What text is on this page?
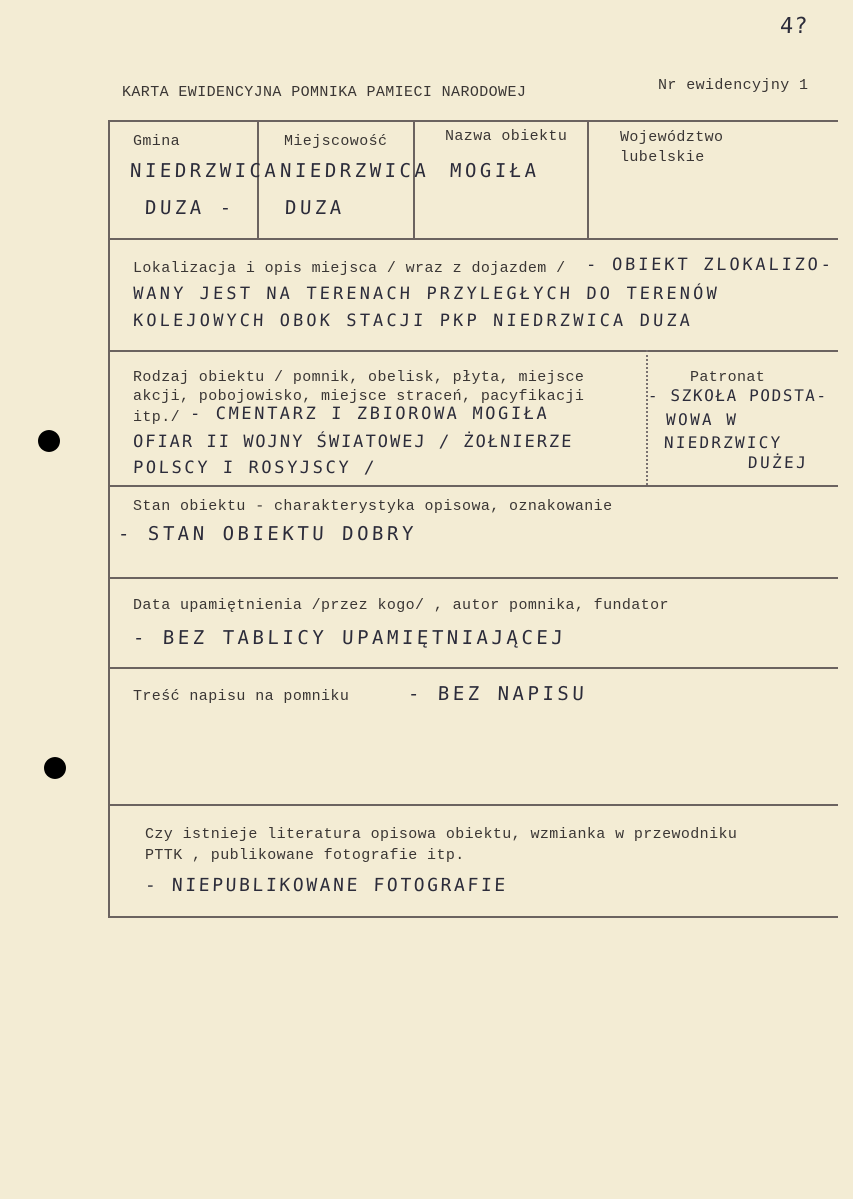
4?
KARTA EWIDENCYJNA POMNIKA PAMIECI NARODOWEJ	Nr ewidencyjny 1
Gmina
NIEDRZWICA
DUZA -
Miejscowość
NIEDRZWICA
DUZA
Nazwa obiektu
MOGIŁA
Województwo
lubelskie
Lokalizacja i opis miejsca / wraz z dojazdem / - OBIEKT ZLOKALIZO-
WANY JEST NA TERENACH PRZYLEGŁYCH DO TERENÓW
KOLEJOWYCH OBOK STACJI PKP NIEDRZWICA DUZA
Rodzaj obiektu / pomnik, obelisk, płyta, miejsce
akcji, pobojowisko, miejsce straceń, pacyfikacji
itp./ - CMENTARZ I ZBIOROWA MOGIŁA
OFIAR II WOJNY ŚWIATOWEJ / ŻOŁNIERZE
POLSCY I ROSYJSCY /
Patronat
- SZKOŁA PODSTA-
WOWA W
NIEDRZWICY
DUŻEJ
Stan obiektu - charakterystyka opisowa, oznakowanie
- STAN OBIEKTU DOBRY
Data upamiętnienia /przez kogo/ , autor pomnika, fundator
- BEZ TABLICY UPAMIĘTNIAJĄCEJ
Treść napisu na pomniku	- BEZ NAPISU
Czy istnieje literatura opisowa obiektu, wzmianka w przewodniku
PTTK , publikowane fotografie itp.
- NIEPUBLIKOWANE FOTOGRAFIE
